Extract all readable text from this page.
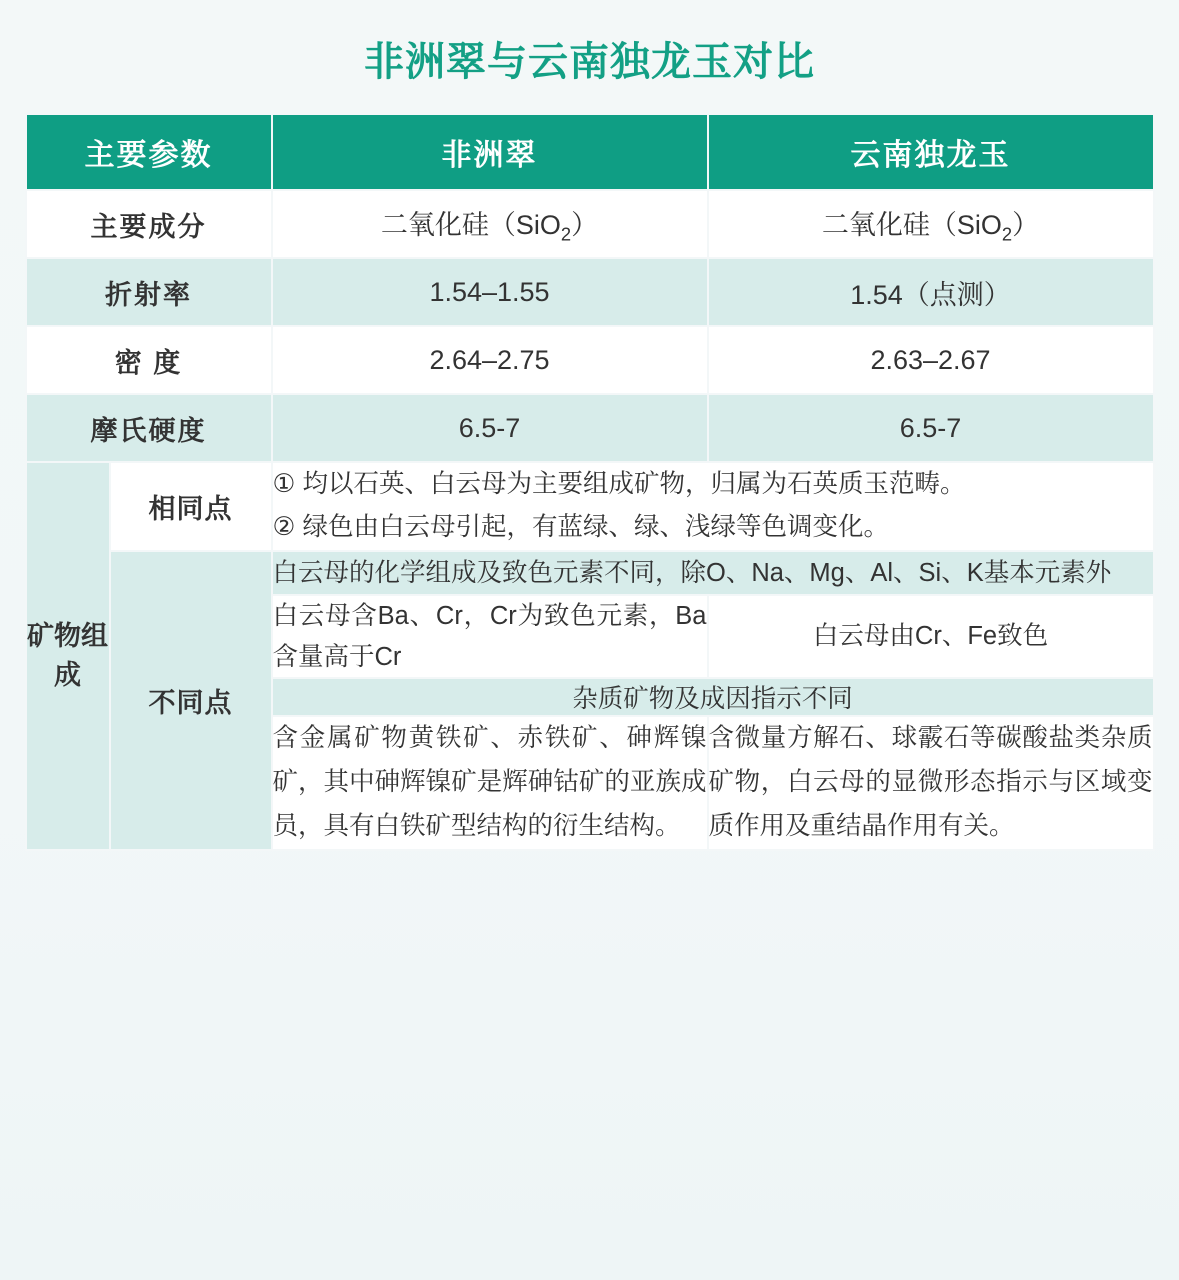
非洲翠与云南独龙玉对比
主要参数		非洲翠	云南独龙玉
主要成分		二氧化硅（SiO$_2$）	二氧化硅（SiO$_2$）
折射率		1.54–1.55	1.54（点测）
密 度		2.64–2.75	2.63–2.67
摩氏硬度		6.5-7	6.5-7
矿物组成	相同点	① 均以石英、白云母为主要组成矿物，归属为石英质玉范畴。
② 绿色由白云母引起，有蓝绿、绿、浅绿等色调变化。	

	不同点	白云母的化学组成及致色元素不同，除O、Na、Mg、Al、Si、K基本元素外	
		白云母含Ba、Cr，Cr为致色元素，Ba含量高于Cr	白云母由Cr、Fe致色
		杂质矿物及成因指示不同	
		含金属矿物黄铁矿、赤铁矿、砷辉镍矿，其中砷辉镍矿是辉砷钴矿的亚族成员，具有白铁矿型结构的衍生结构。	含微量方解石、球霰石等碳酸盐类杂质矿物，白云母的显微形态指示与区域变质作用及重结晶作用有关。
